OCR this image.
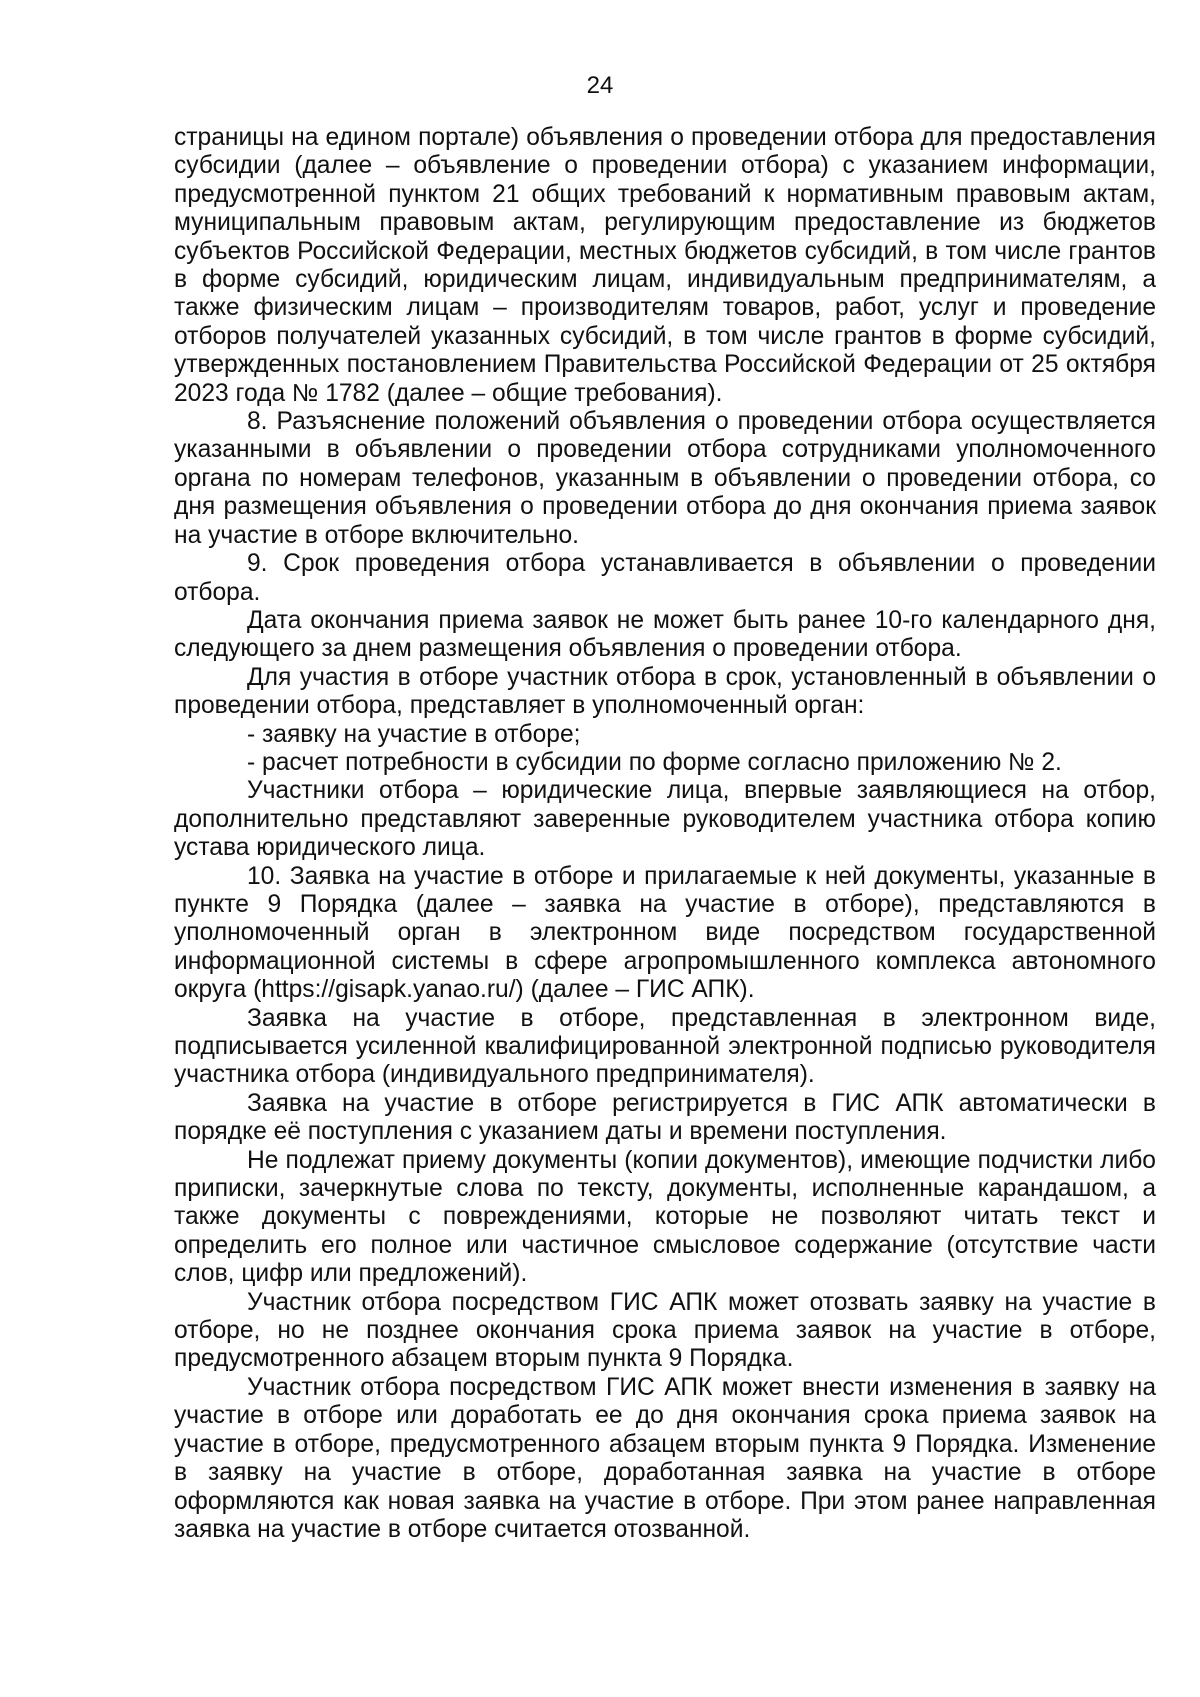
24

страницы на едином портале) объявления о проведении отбора для предоставления субсидии (далее – объявление о проведении отбора) с указанием информации, предусмотренной пунктом 21 общих требований к нормативным правовым актам, муниципальным правовым актам, регулирующим предоставление из бюджетов субъектов Российской Федерации, местных бюджетов субсидий, в том числе грантов в форме субсидий, юридическим лицам, индивидуальным предпринимателям, а также физическим лицам – производителям товаров, работ, услуг и проведение отборов получателей указанных субсидий, в том числе грантов в форме субсидий, утвержденных постановлением Правительства Российской Федерации от 25 октября 2023 года № 1782 (далее – общие требования).

8. Разъяснение положений объявления о проведении отбора осуществляется указанными в объявлении о проведении отбора сотрудниками уполномоченного органа по номерам телефонов, указанным в объявлении о проведении отбора, со дня размещения объявления о проведении отбора до дня окончания приема заявок на участие в отборе включительно.

9. Срок проведения отбора устанавливается в объявлении о проведении отбора.

Дата окончания приема заявок не может быть ранее 10-го календарного дня, следующего за днем размещения объявления о проведении отбора.

Для участия в отборе участник отбора в срок, установленный в объявлении о проведении отбора, представляет в уполномоченный орган:

- заявку на участие в отборе;

- расчет потребности в субсидии по форме согласно приложению № 2.

Участники отбора – юридические лица, впервые заявляющиеся на отбор, дополнительно представляют заверенные руководителем участника отбора копию устава юридического лица.

10. Заявка на участие в отборе и прилагаемые к ней документы, указанные в пункте 9 Порядка (далее – заявка на участие в отборе), представляются в уполномоченный орган в электронном виде посредством государственной информационной системы в сфере агропромышленного комплекса автономного округа (https://gisapk.yanao.ru/) (далее – ГИС АПК).

Заявка на участие в отборе, представленная в электронном виде, подписывается усиленной квалифицированной электронной подписью руководителя участника отбора (индивидуального предпринимателя).

Заявка на участие в отборе регистрируется в ГИС АПК автоматически в порядке её поступления с указанием даты и времени поступления.

Не подлежат приему документы (копии документов), имеющие подчистки либо приписки, зачеркнутые слова по тексту, документы, исполненные карандашом, а также документы с повреждениями, которые не позволяют читать текст и определить его полное или частичное смысловое содержание (отсутствие части слов, цифр или предложений).

Участник отбора посредством ГИС АПК может отозвать заявку на участие в отборе, но не позднее окончания срока приема заявок на участие в отборе, предусмотренного абзацем вторым пункта 9 Порядка.

Участник отбора посредством ГИС АПК может внести изменения в заявку на участие в отборе или доработать ее до дня окончания срока приема заявок на участие в отборе, предусмотренного абзацем вторым пункта 9 Порядка. Изменение в заявку на участие в отборе, доработанная заявка на участие в отборе оформляются как новая заявка на участие в отборе. При этом ранее направленная заявка на участие в отборе считается отозванной.
